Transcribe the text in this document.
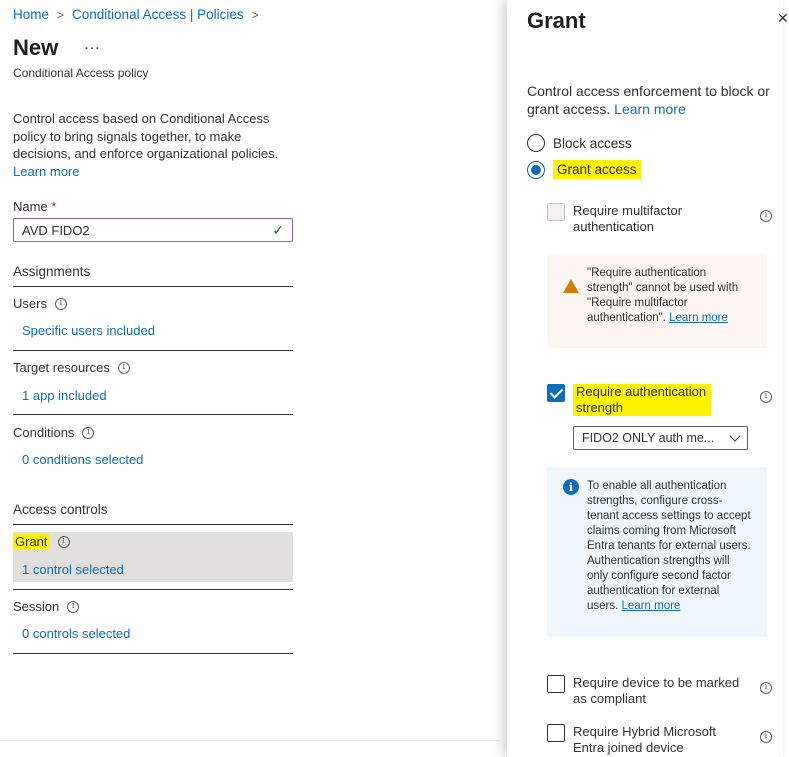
Home > Conditional Access | Policies >
New ...
Conditional Access policy
Control access based on Conditional Access policy to bring signals together, to make decisions, and enforce organizational policies.
Learn more
Name *
AVD FIDO2	✓
Assignments
Users	i
Specific users included
Target resources	i
1 app included
Conditions	i
0 conditions selected
Access controls
Grant	i
1 control selected
Session	i
0 controls selected
Grant	✕
Control access enforcement to block or grant access. Learn more
Block access
Grant access
Require multifactor authentication
i
! "Require authentication strength" cannot be used with "Require multifactor authentication". Learn more
Require authentication strength
i
FIDO2 ONLY auth me...
i	To enable all authentication strengths, configure cross-tenant access settings to accept claims coming from Microsoft Entra tenants for external users. Authentication strengths will only configure second factor authentication for external users. Learn more
Require device to be marked as compliant
i
Require Hybrid Microsoft Entra joined device
i
